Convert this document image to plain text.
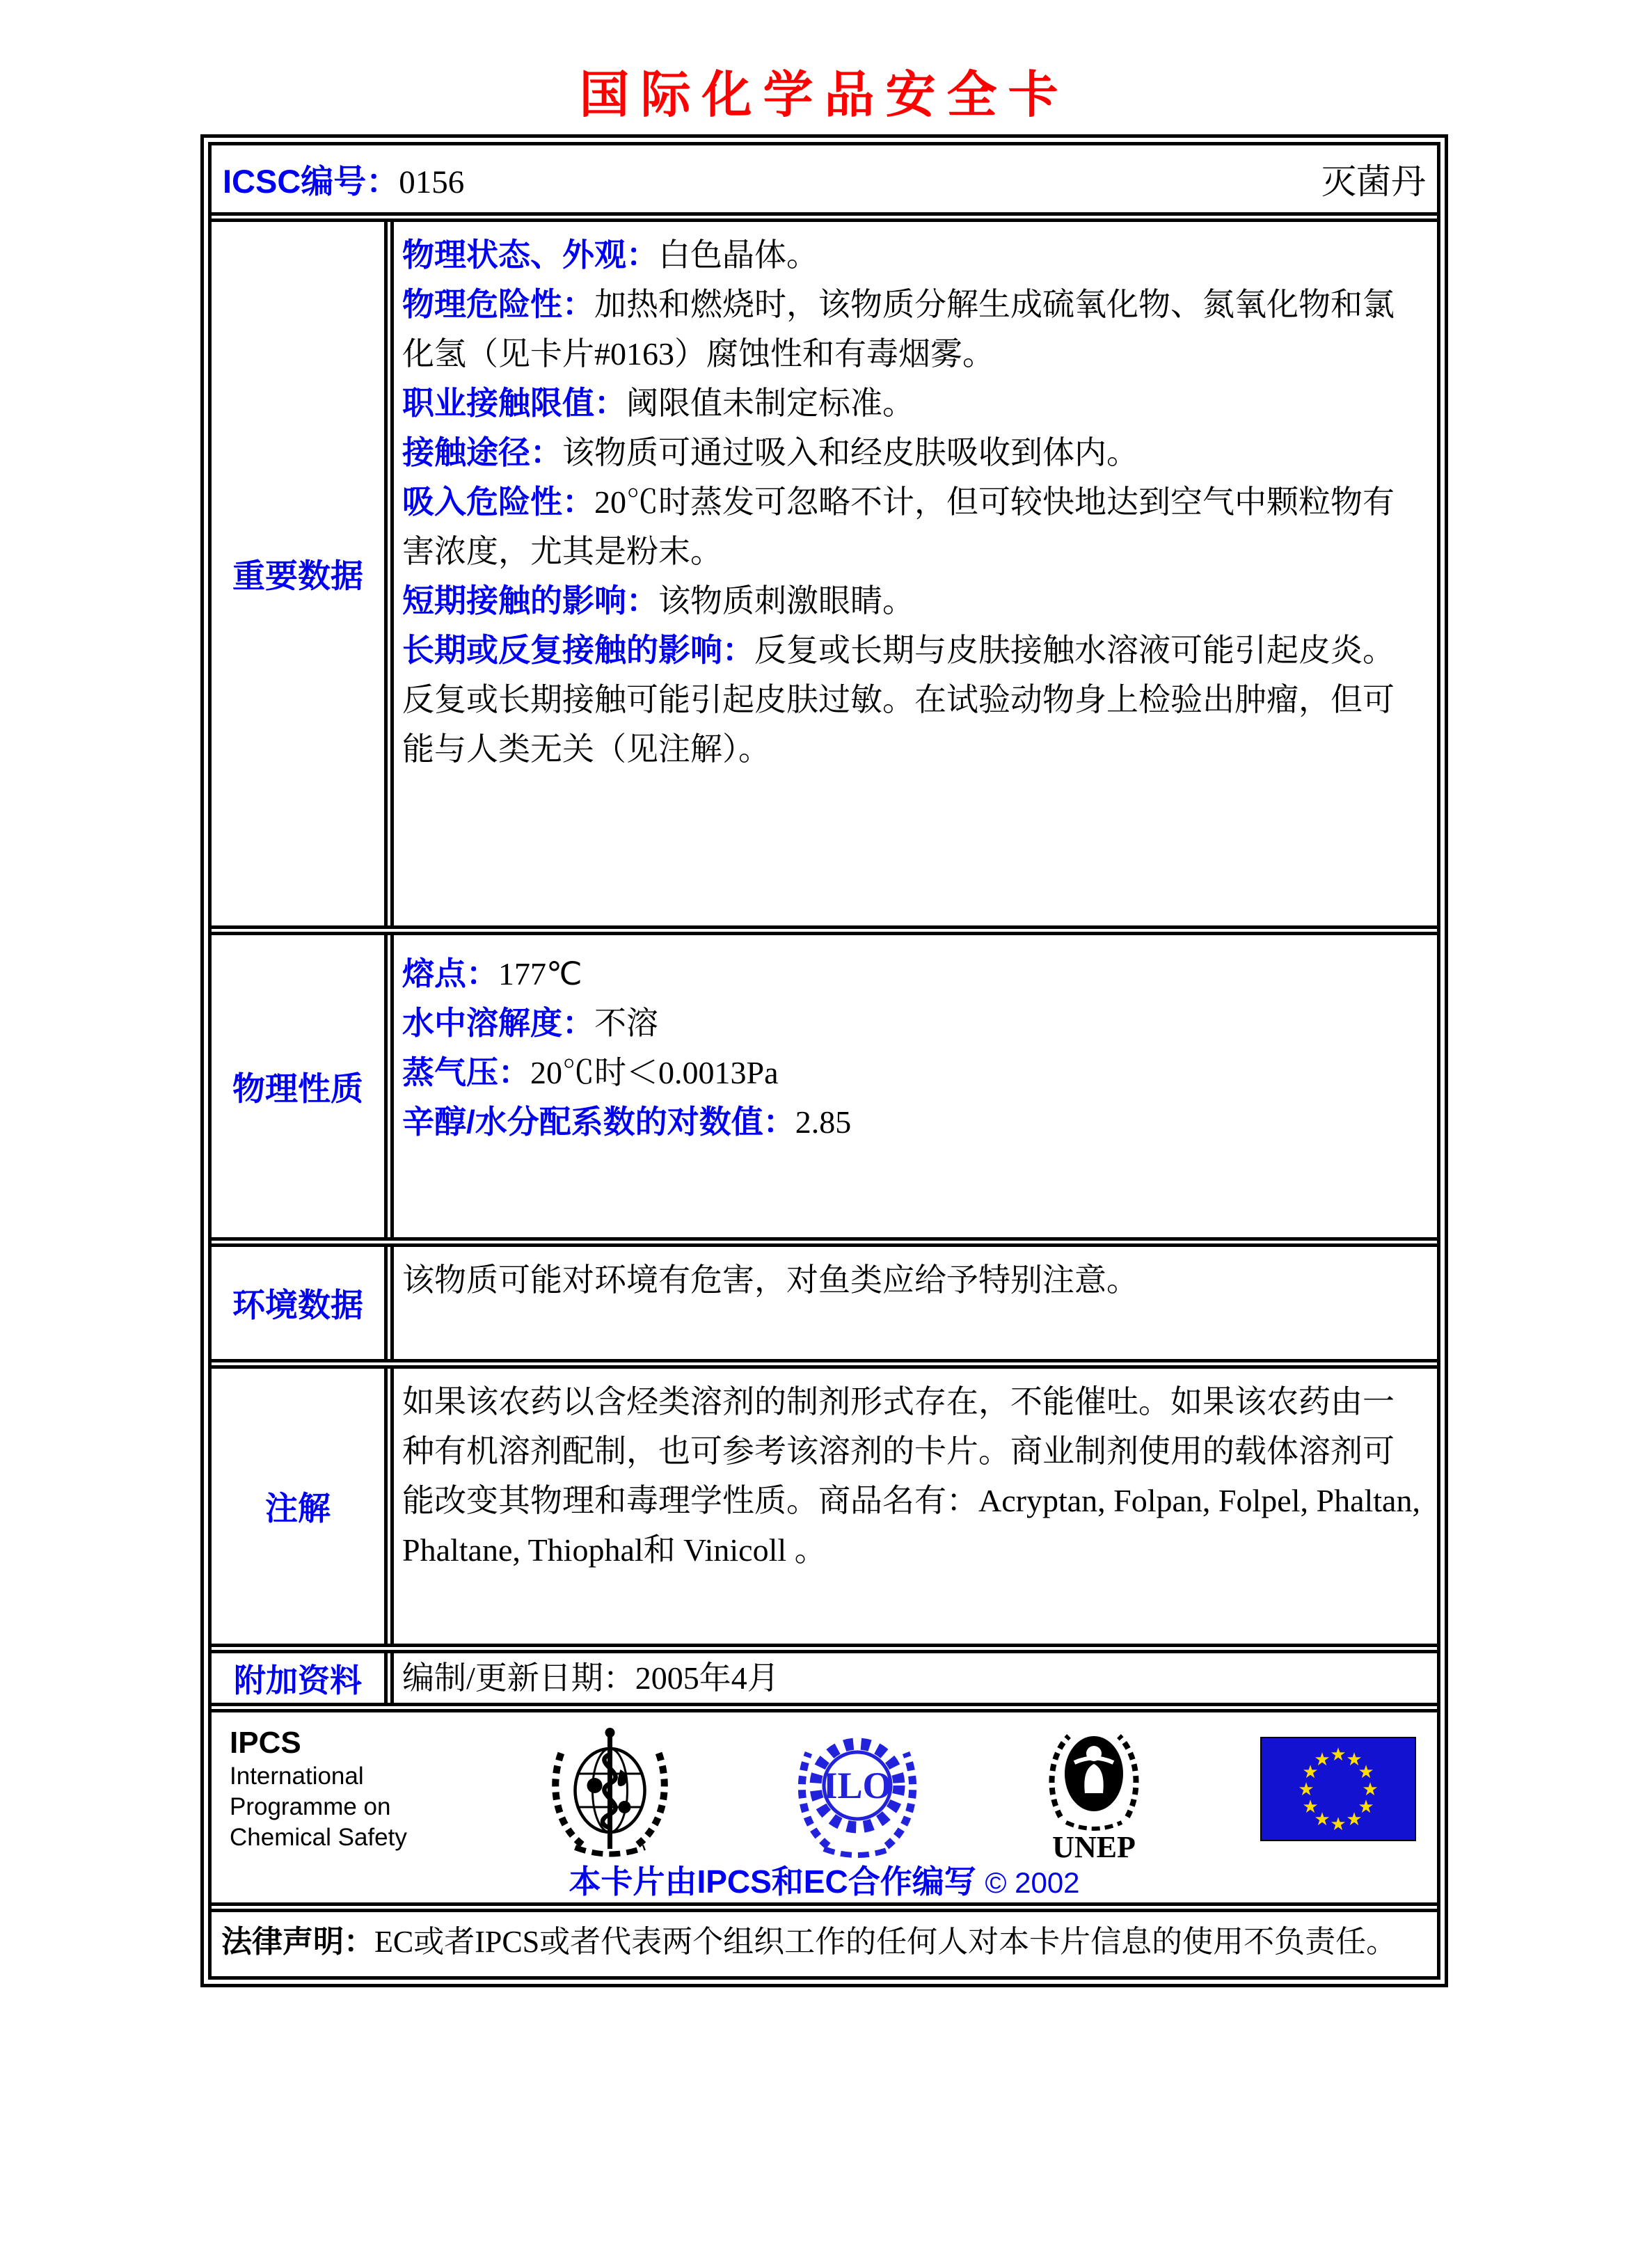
国际化学品安全卡
ICSC编号：0156	灭菌丹
重要数据
物理状态、外观：白色晶体。
物理危险性：加热和燃烧时，该物质分解生成硫氧化物、氮氧化物和氯化氢（见卡片#0163）腐蚀性和有毒烟雾。
职业接触限值：阈限值未制定标准。
接触途径：该物质可通过吸入和经皮肤吸收到体内。
吸入危险性：20℃时蒸发可忽略不计，但可较快地达到空气中颗粒物有害浓度，尤其是粉末。
短期接触的影响：该物质刺激眼睛。
长期或反复接触的影响：反复或长期与皮肤接触水溶液可能引起皮炎。反复或长期接触可能引起皮肤过敏。在试验动物身上检验出肿瘤，但可能与人类无关（见注解）。
物理性质
熔点：177℃
水中溶解度：不溶
蒸气压：20℃时＜0.0013Pa
辛醇/水分配系数的对数值：2.85
环境数据
该物质可能对环境有危害，对鱼类应给予特别注意。
注解
如果该农药以含烃类溶剂的制剂形式存在，不能催吐。如果该农药由一种有机溶剂配制，也可参考该溶剂的卡片。商业制剂使用的载体溶剂可能改变其物理和毒理学性质。商品名有：Acryptan, Folpan, Folpel, Phaltan, Phaltane, Thiophal和 Vinicoll 。
附加资料	编制/更新日期： 2005年4月
IPCS
International
Programme on
Chemical Safety
ILO
UNEP
★ ★
★
★
★
★
★
★
★
★
★
★
本卡片由IPCS和EC合作编写 © 2002
法律声明：EC或者IPCS或者代表两个组织工作的任何人对本卡片信息的使用不负责任。
